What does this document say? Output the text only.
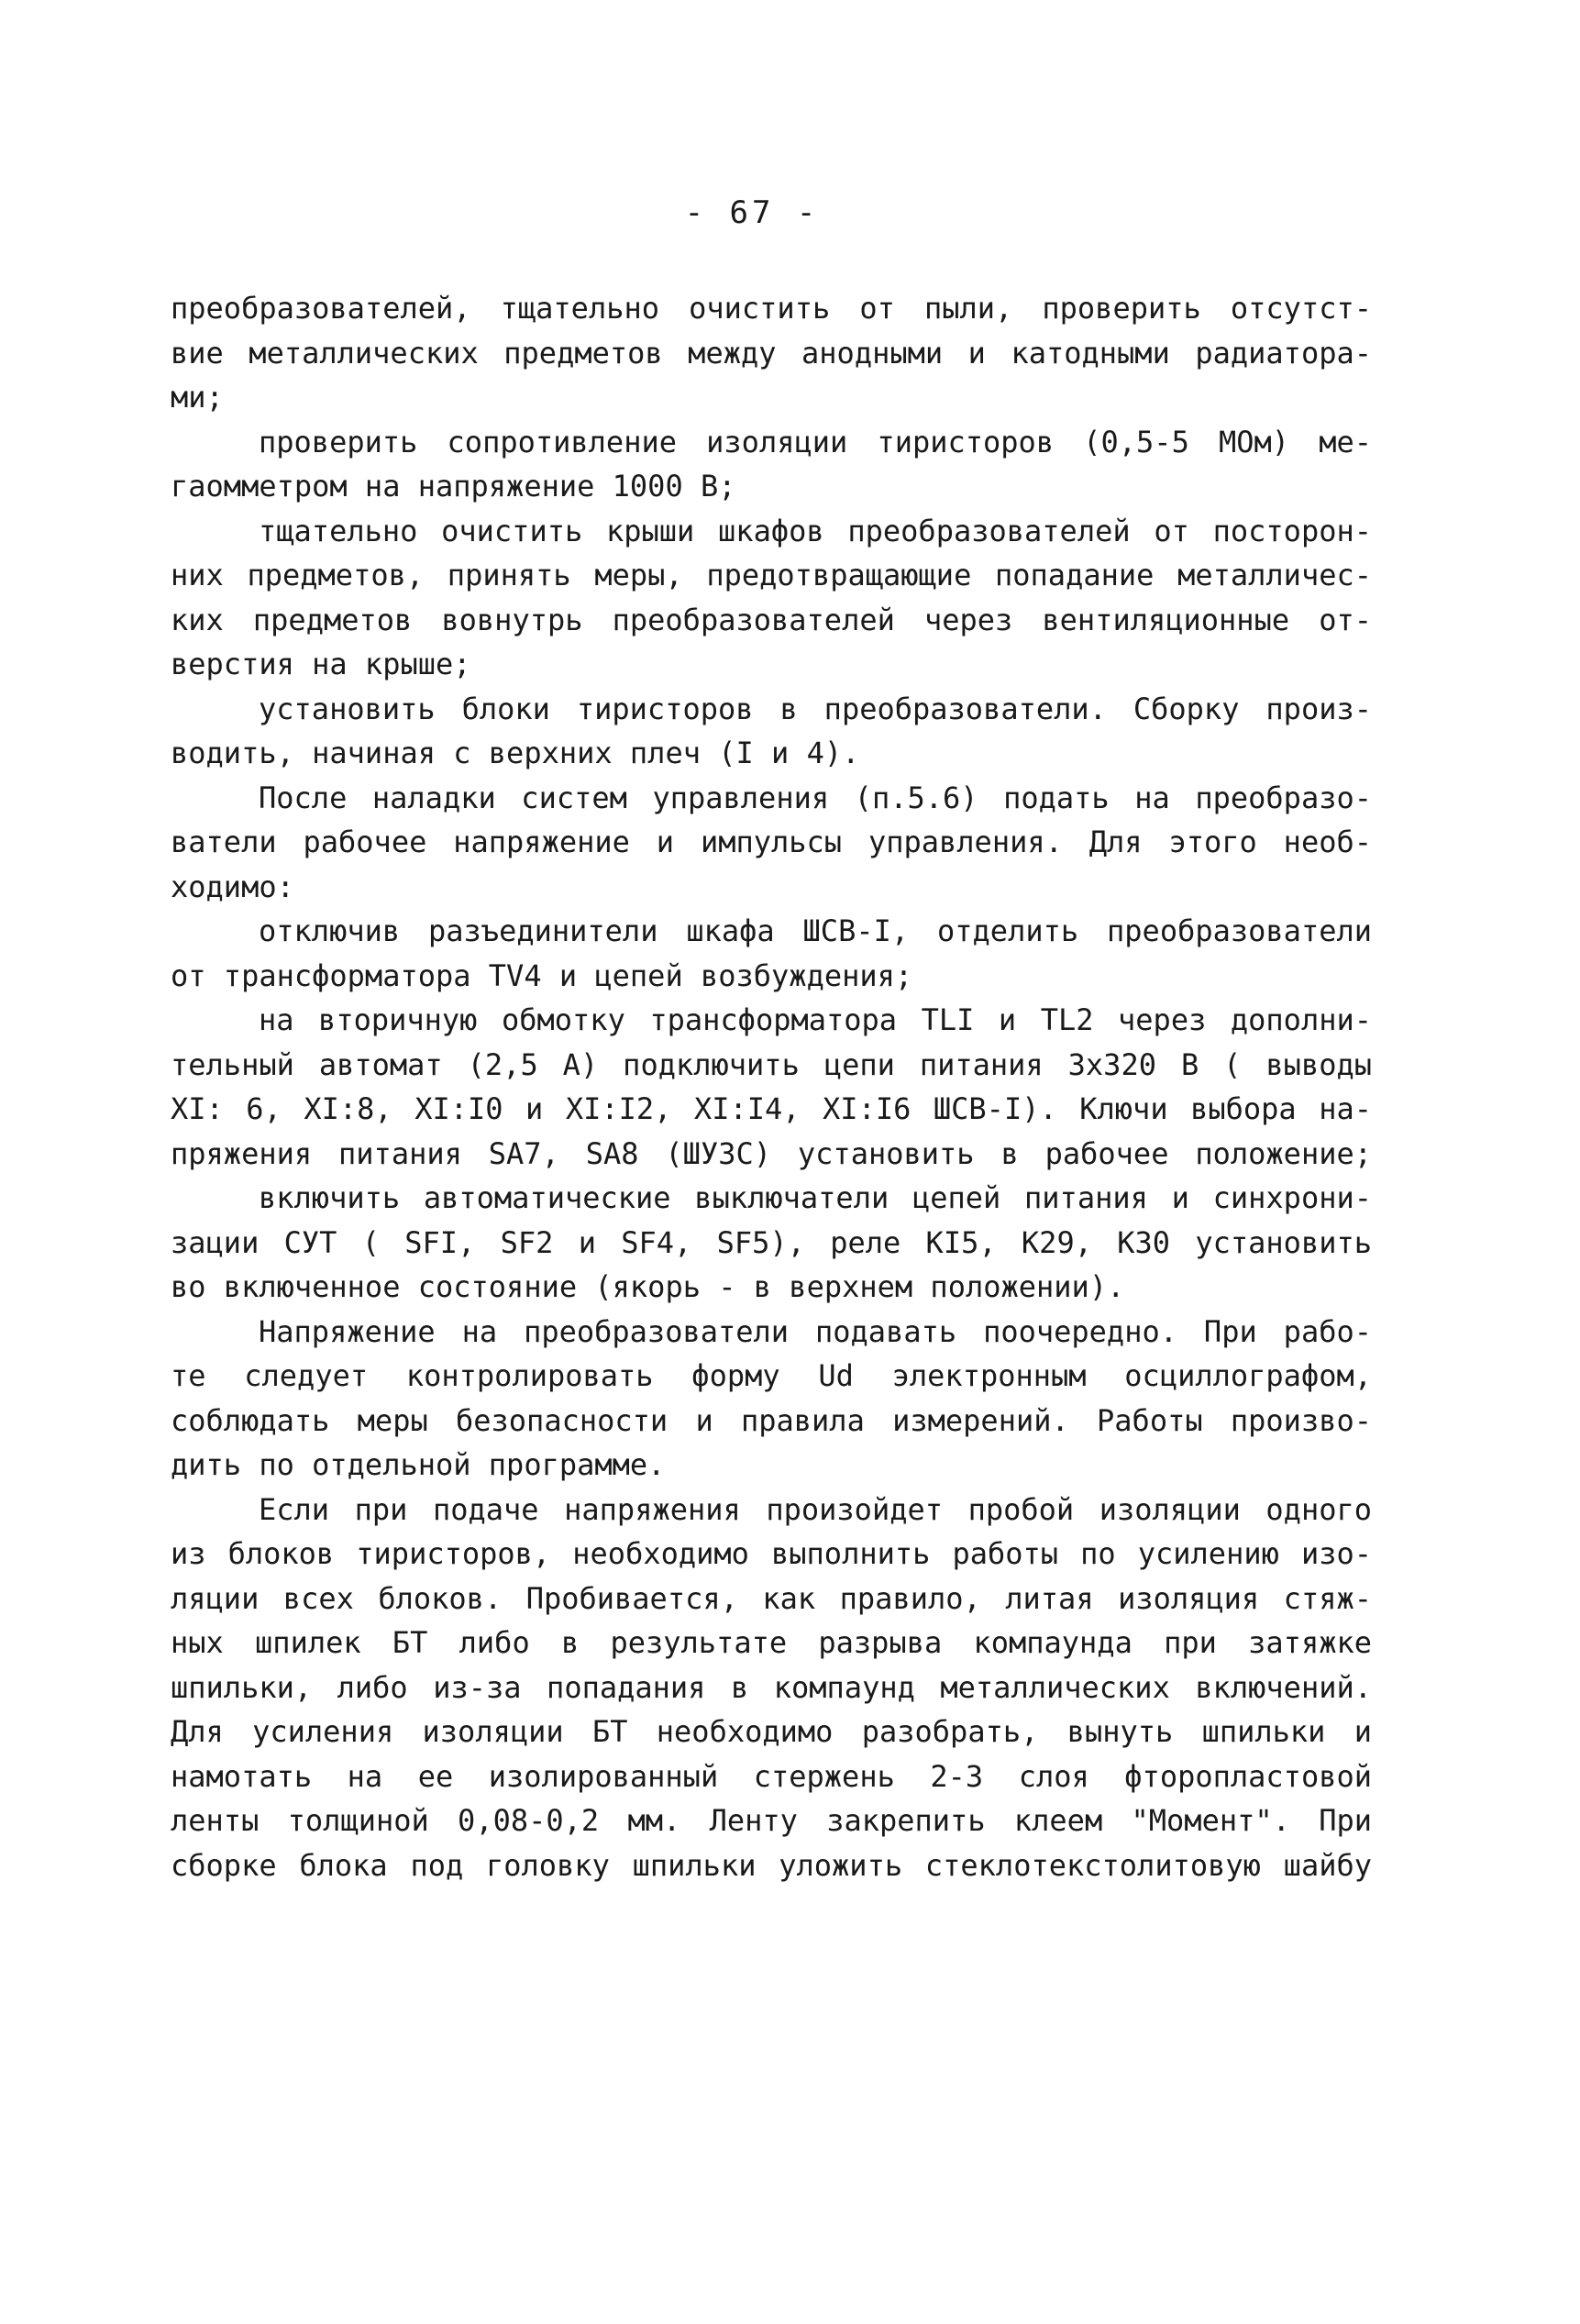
- 67 -
преобразователей, тщательно очистить от пыли, проверить отсутст-
вие металлических предметов между анодными и катодными радиатора-
ми;
проверить сопротивление изоляции тиристоров (0,5-5 МОм) ме-
гаомметром на напряжение 1000 В;
тщательно очистить крыши шкафов преобразователей от посторон-
них предметов, принять меры, предотвращающие попадание металличес-
ких предметов вовнутрь преобразователей через вентиляционные от-
верстия на крыше;
установить блоки тиристоров в преобразователи. Сборку произ-
водить, начиная с верхних плеч (I и 4).
После наладки систем управления (п.5.6) подать на преобразо-
ватели рабочее напряжение и импульсы управления. Для этого необ-
ходимо:
отключив разъединители шкафа ШСВ-I, отделить преобразователи
от трансформатора TV4 и цепей возбуждения;
на вторичную обмотку трансформатора TLI и TL2 через дополни-
тельный автомат (2,5 А) подключить цепи питания 3х320 В ( выводы
XI: 6, XI:8, XI:I0 и XI:I2, XI:I4, XI:I6 ШСВ-I). Ключи выбора на-
пряжения питания SA7, SA8 (ШУЗС) установить в рабочее положение;
включить автоматические выключатели цепей питания и синхрони-
зации СУТ ( SFI, SF2 и SF4, SF5), реле KI5, K29, K30 установить
во включенное состояние (якорь - в верхнем положении).
Напряжение на преобразователи подавать поочередно. При рабо-
те следует контролировать форму Ud электронным осциллографом,
соблюдать меры безопасности и правила измерений. Работы произво-
дить по отдельной программе.
Если при подаче напряжения произойдет пробой изоляции одного
из блоков тиристоров, необходимо выполнить работы по усилению изо-
ляции всех блоков. Пробивается, как правило, литая изоляция стяж-
ных шпилек БТ либо в результате разрыва компаунда при затяжке
шпильки, либо из-за попадания в компаунд металлических включений.
Для усиления изоляции БТ необходимо разобрать, вынуть шпильки и
намотать на ее изолированный стержень 2-3 слоя фторопластовой
ленты толщиной 0,08-0,2 мм. Ленту закрепить клеем "Момент". При
сборке блока под головку шпильки уложить стеклотекстолитовую шайбу
